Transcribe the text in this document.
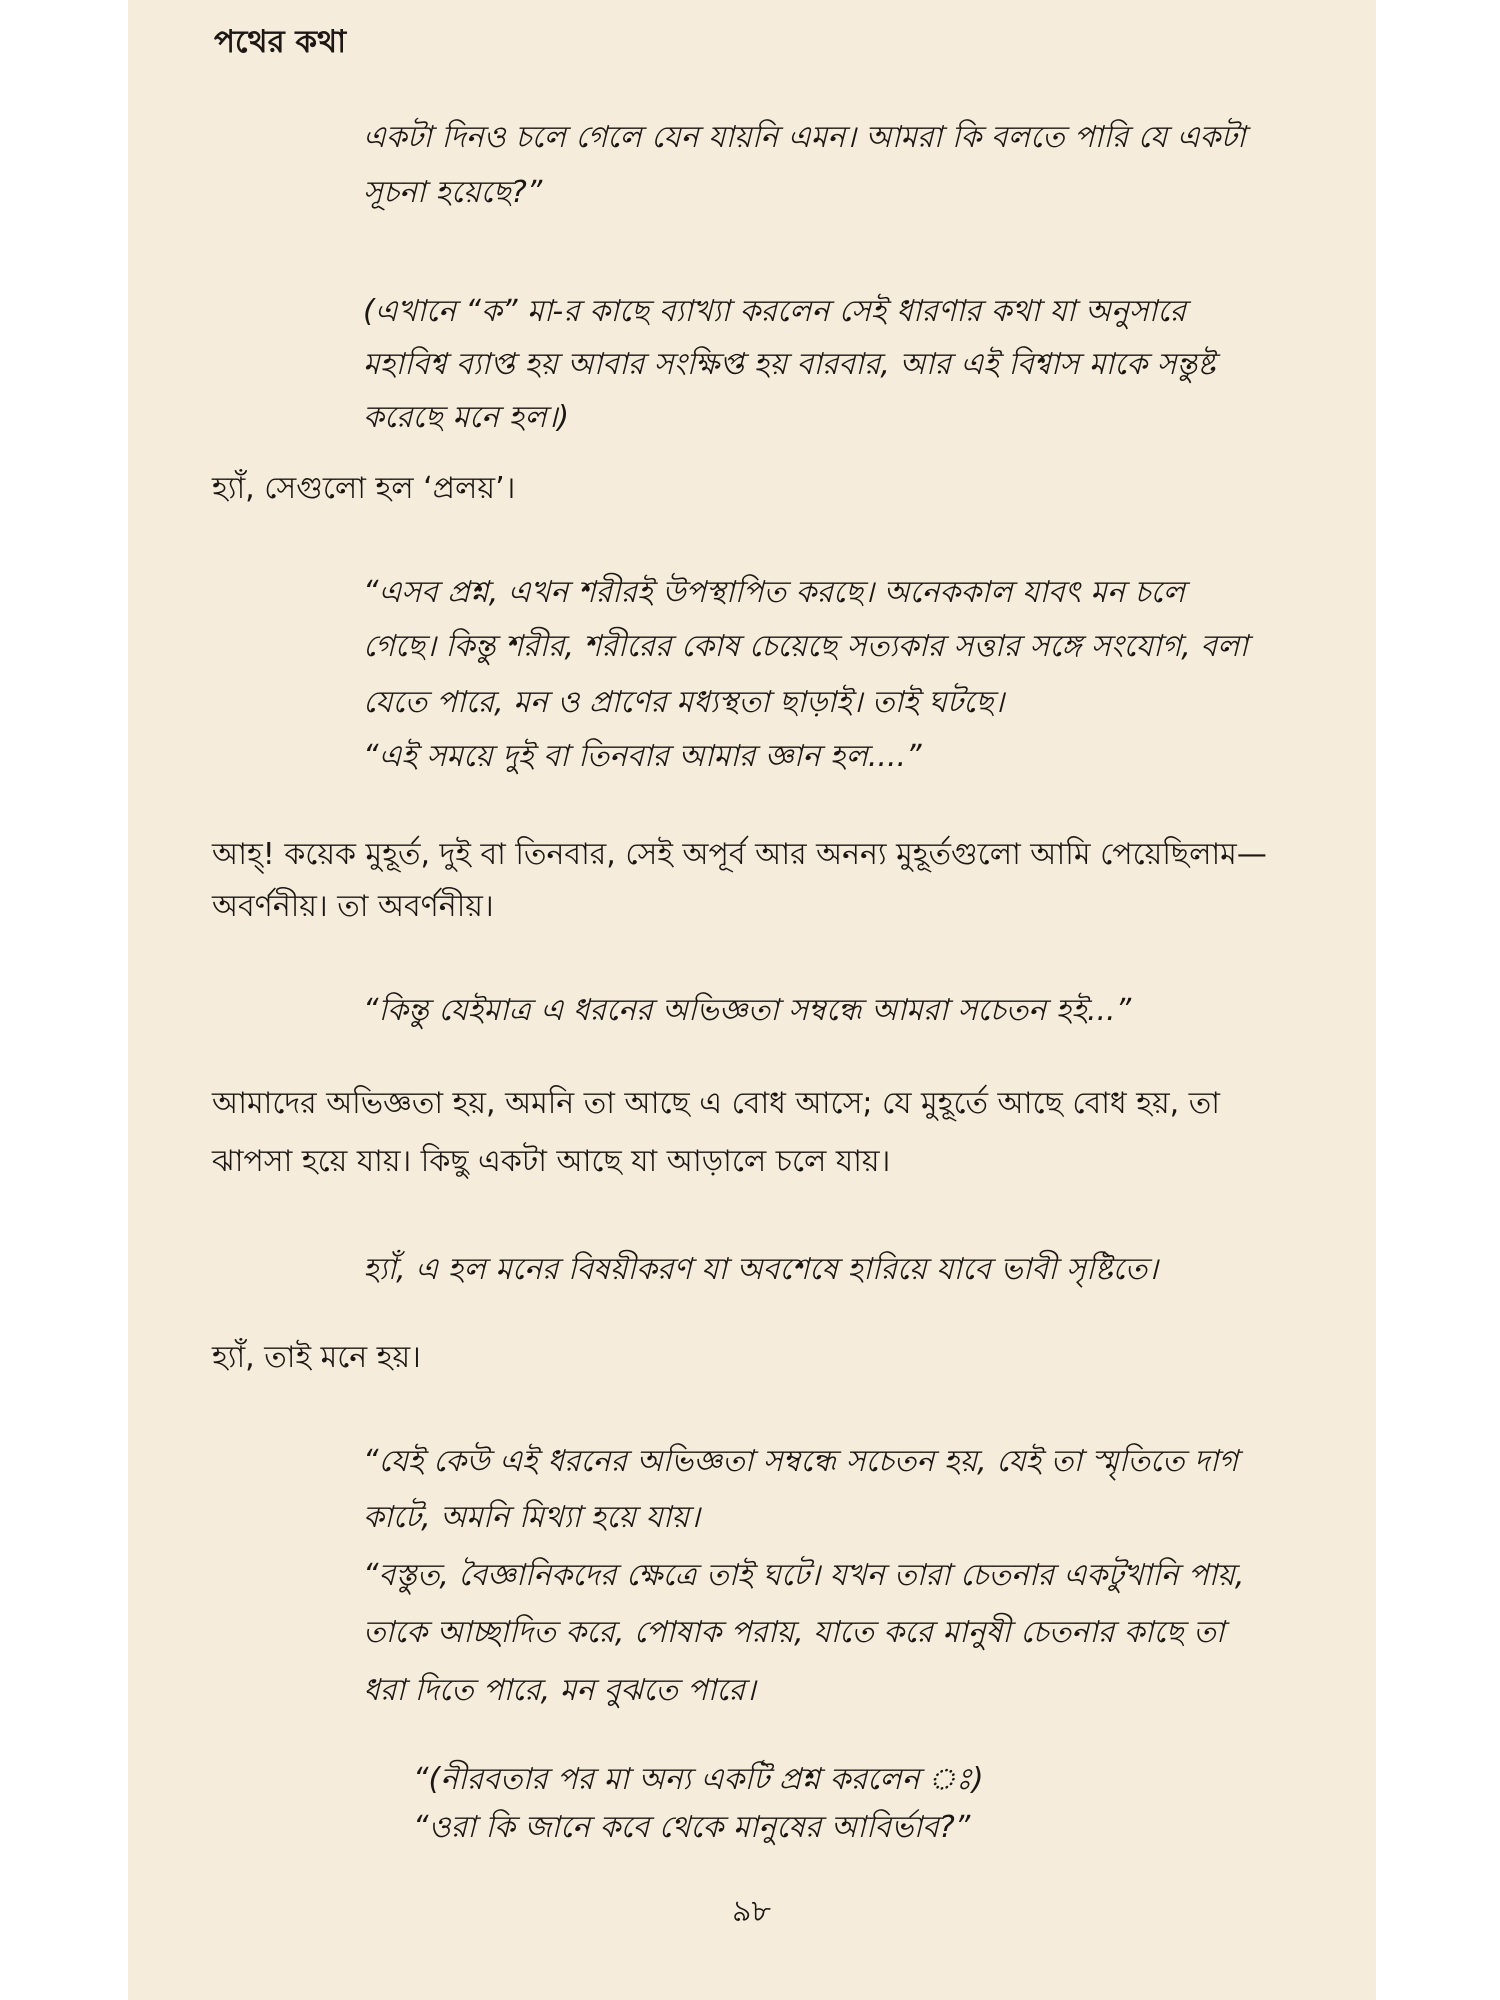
পথের কথা
একটা দিনও চলে গেলে যেন যায়নি এমন। আমরা কি বলতে পারি যে একটা
সূচনা হয়েছে?”
(এখানে “ক” মা-র কাছে ব্যাখ্যা করলেন সেই ধারণার কথা যা অনুসারে
মহাবিশ্ব ব্যাপ্ত হয় আবার সংক্ষিপ্ত হয় বারবার, আর এই বিশ্বাস মাকে সন্তুষ্ট
করেছে মনে হল।)
হ্যাঁ, সেগুলো হল ‘প্রলয়’।
“এসব প্রশ্ন, এখন শরীরই উপস্থাপিত করছে। অনেককাল যাবৎ মন চলে
গেছে। কিন্তু শরীর, শরীরের কোষ চেয়েছে সত্যকার সত্তার সঙ্গে সংযোগ, বলা
যেতে পারে, মন ও প্রাণের মধ্যস্থতা ছাড়াই। তাই ঘটছে।
“এই সময়ে দুই বা তিনবার আমার জ্ঞান হল....”
আহ্! কয়েক মুহূর্ত, দুই বা তিনবার, সেই অপূর্ব আর অনন্য মুহূর্তগুলো আমি পেয়েছিলাম—
অবর্ণনীয়। তা অবর্ণনীয়।
“কিন্তু যেইমাত্র এ ধরনের অভিজ্ঞতা সম্বন্ধে আমরা সচেতন হই...”
আমাদের অভিজ্ঞতা হয়, অমনি তা আছে এ বোধ আসে; যে মুহূর্তে আছে বোধ হয়, তা
ঝাপসা হয়ে যায়। কিছু একটা আছে যা আড়ালে চলে যায়।
হ্যাঁ, এ হল মনের বিষয়ীকরণ যা অবশেষে হারিয়ে যাবে ভাবী সৃষ্টিতে।
হ্যাঁ, তাই মনে হয়।
“যেই কেউ এই ধরনের অভিজ্ঞতা সম্বন্ধে সচেতন হয়, যেই তা স্মৃতিতে দাগ
কাটে, অমনি মিথ্যা হয়ে যায়।
“বস্তুত, বৈজ্ঞানিকদের ক্ষেত্রে তাই ঘটে। যখন তারা চেতনার একটুখানি পায়,
তাকে আচ্ছাদিত করে, পোষাক পরায়, যাতে করে মানুষী চেতনার কাছে তা
ধরা দিতে পারে, মন বুঝতে পারে।
“(নীরবতার পর মা অন্য একটি প্রশ্ন করলেন ঃ)
“ওরা কি জানে কবে থেকে মানুষের আবির্ভাব?”
৯৮
